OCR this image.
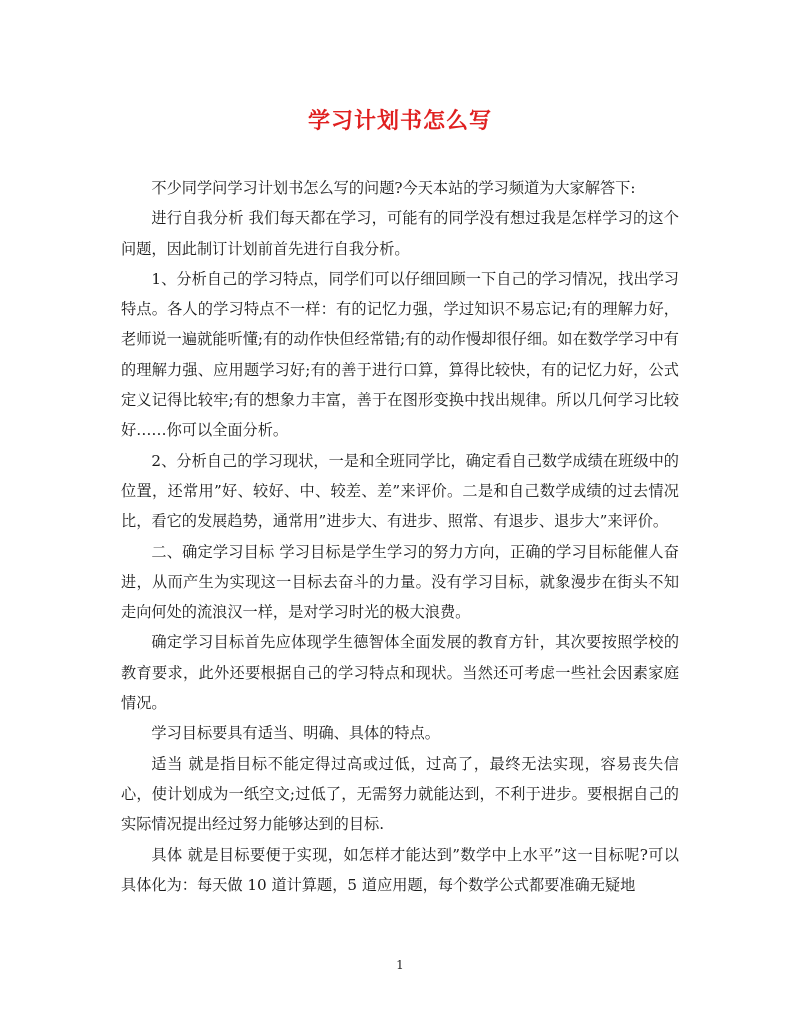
学习计划书怎么写

不少同学问学习计划书怎么写的问题?今天本站的学习频道为大家解答下:

进行自我分析 我们每天都在学习，可能有的同学没有想过我是怎样学习的这个问题，因此制订计划前首先进行自我分析。

1、分析自己的学习特点，同学们可以仔细回顾一下自己的学习情况，找出学习特点。各人的学习特点不一样：有的记忆力强，学过知识不易忘记;有的理解力好，老师说一遍就能听懂;有的动作快但经常错;有的动作慢却很仔细。如在数学学习中有的理解力强、应用题学习好;有的善于进行口算，算得比较快，有的记忆力好，公式定义记得比较牢;有的想象力丰富，善于在图形变换中找出规律。所以几何学习比较好……你可以全面分析。

2、分析自己的学习现状，一是和全班同学比，确定看自己数学成绩在班级中的位置，还常用”好、较好、中、较差、差”来评价。二是和自己数学成绩的过去情况比，看它的发展趋势，通常用”进步大、有进步、照常、有退步、退步大”来评价。

二、确定学习目标 学习目标是学生学习的努力方向，正确的学习目标能催人奋进，从而产生为实现这一目标去奋斗的力量。没有学习目标，就象漫步在街头不知走向何处的流浪汉一样，是对学习时光的极大浪费。

确定学习目标首先应体现学生德智体全面发展的教育方针，其次要按照学校的教育要求，此外还要根据自己的学习特点和现状。当然还可考虑一些社会因素家庭情况。

学习目标要具有适当、明确、具体的特点。

适当 就是指目标不能定得过高或过低，过高了，最终无法实现，容易丧失信心，使计划成为一纸空文;过低了，无需努力就能达到，不利于进步。要根据自己的实际情况提出经过努力能够达到的目标.

具体 就是目标要便于实现，如怎样才能达到”数学中上水平”这一目标呢?可以具体化为：每天做 10 道计算题，5 道应用题，每个数学公式都要准确无疑地

1
